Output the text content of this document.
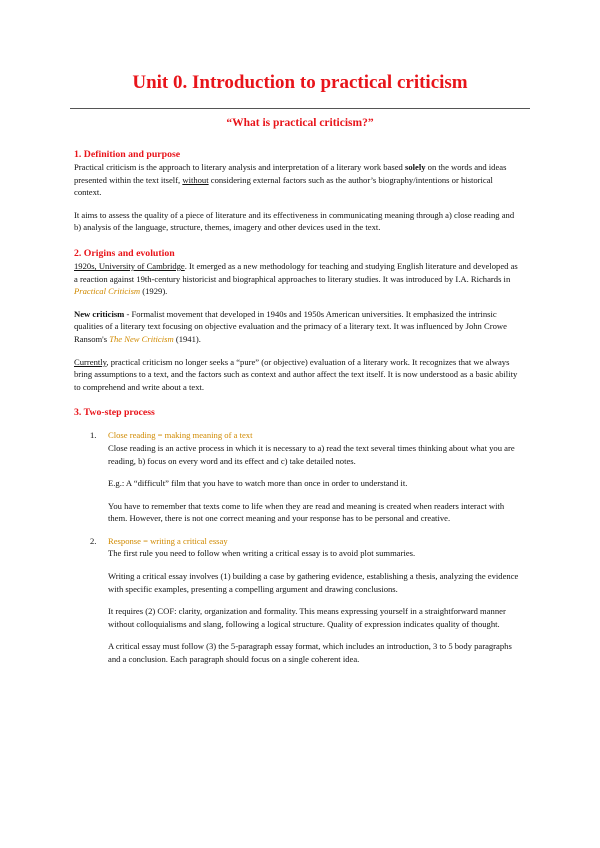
Unit 0. Introduction to practical criticism
“What is practical criticism?”

1. Definition and purpose

Practical criticism is the approach to literary analysis and interpretation of a literary work based solely on the words and ideas presented within the text itself, without considering external factors such as the author’s biography/intentions or historical context.

It aims to assess the quality of a piece of literature and its effectiveness in communicating meaning through a) close reading and b) analysis of the language, structure, themes, imagery and other devices used in the text.

2. Origins and evolution

1920s, University of Cambridge. It emerged as a new methodology for teaching and studying English literature and developed as a reaction against 19th-century historicist and biographical approaches to literary studies. It was introduced by I.A. Richards in Practical Criticism (1929).

New criticism - Formalist movement that developed in 1940s and 1950s American universities. It emphasized the intrinsic qualities of a literary text focusing on objective evaluation and the primacy of a literary text. It was influenced by John Crowe Ransom's The New Criticism (1941).

Currently, practical criticism no longer seeks a “pure” (or objective) evaluation of a literary work. It recognizes that we always bring assumptions to a text, and the factors such as context and author affect the text itself. It is now understood as a basic ability to comprehend and write about a text.

3. Two-step process

1. Close reading = making meaning of a text

Close reading is an active process in which it is necessary to a) read the text several times thinking about what you are reading, b) focus on every word and its effect and c) take detailed notes.

E.g.: A “difficult” film that you have to watch more than once in order to understand it.

You have to remember that texts come to life when they are read and meaning is created when readers interact with them. However, there is not one correct meaning and your response has to be personal and creative.

2. Response = writing a critical essay

The first rule you need to follow when writing a critical essay is to avoid plot summaries.

Writing a critical essay involves (1) building a case by gathering evidence, establishing a thesis, analyzing the evidence with specific examples, presenting a compelling argument and drawing conclusions.

It requires (2) COF: clarity, organization and formality. This means expressing yourself in a straightforward manner without colloquialisms and slang, following a logical structure. Quality of expression indicates quality of thought.

A critical essay must follow (3) the 5-paragraph essay format, which includes an introduction, 3 to 5 body paragraphs and a conclusion. Each paragraph should focus on a single coherent idea.
